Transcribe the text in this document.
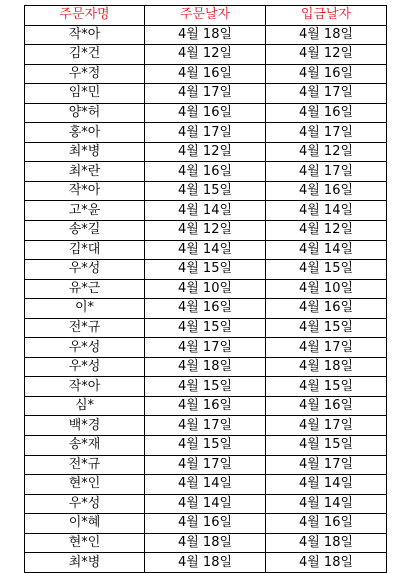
주문자명	주문날자	입금날자
작*아	4월 18일	4월 18일
김*건	4월 12일	4월 12일
우*정	4월 16일	4월 16일
임*민	4월 17일	4월 17일
양*허	4월 16일	4월 16일
홍*아	4월 17일	4월 17일
최*병	4월 12일	4월 12일
최*란	4월 16일	4월 17일
작*아	4월 15일	4월 16일
고*윤	4월 14일	4월 14일
송*길	4월 12일	4월 12일
김*대	4월 14일	4월 14일
우*성	4월 15일	4월 15일
유*근	4월 10일	4월 10일
이*	4월 16일	4월 16일
전*규	4월 15일	4월 15일
우*성	4월 17일	4월 17일
우*성	4월 18일	4월 18일
작*아	4월 15일	4월 15일
심*	4월 16일	4월 16일
백*경	4월 17일	4월 17일
송*재	4월 15일	4월 15일
전*규	4월 17일	4월 17일
현*인	4월 14일	4월 14일
우*성	4월 14일	4월 14일
이*혜	4월 16일	4월 16일
현*인	4월 18일	4월 18일
최*병	4월 18일	4월 18일
